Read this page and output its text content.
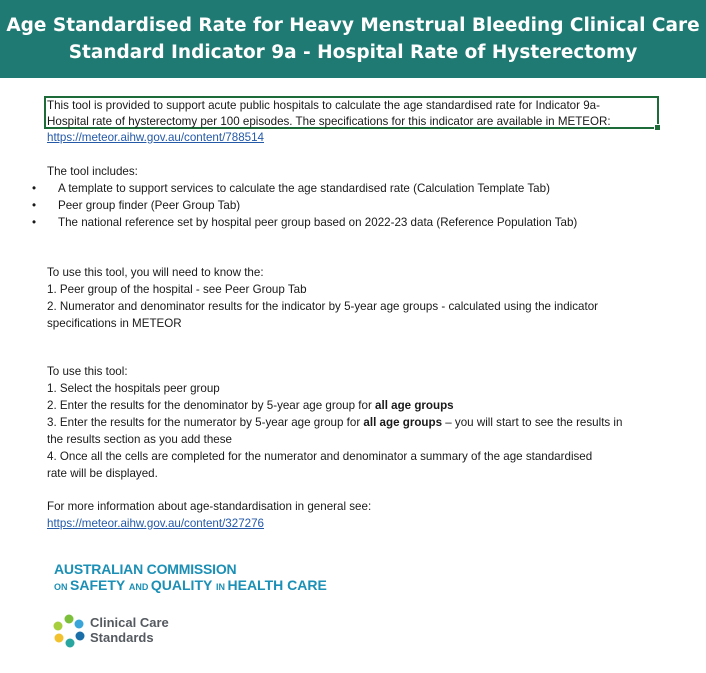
Age Standardised Rate for Heavy Menstrual Bleeding Clinical Care
Standard Indicator 9a - Hospital Rate of Hysterectomy
This tool is provided to support acute public hospitals to calculate the age standardised rate for Indicator 9a-
Hospital rate of hysterectomy per 100 episodes. The specifications for this indicator are available in METEOR:
https://meteor.aihw.gov.au/content/788514
The tool includes:
• A template to support services to calculate the age standardised rate (Calculation Template Tab)
• Peer group finder (Peer Group Tab)
• The national reference set by hospital peer group based on 2022-23 data (Reference Population Tab)
To use this tool, you will need to know the:
1. Peer group of the hospital - see Peer Group Tab
2. Numerator and denominator results for the indicator by 5-year age groups - calculated using the indicator
specifications in METEOR
To use this tool:
1. Select the hospitals peer group
2. Enter the results for the denominator by 5-year age group for all age groups
3. Enter the results for the numerator by 5-year age group for all age groups – you will start to see the results in
the results section as you add these
4. Once all the cells are completed for the numerator and denominator a summary of the age standardised
rate will be displayed.
For more information about age-standardisation in general see:
https://meteor.aihw.gov.au/content/327276
AUSTRALIAN COMMISSION
ON SAFETY AND QUALITY IN HEALTH CARE
Clinical Care
Standards
